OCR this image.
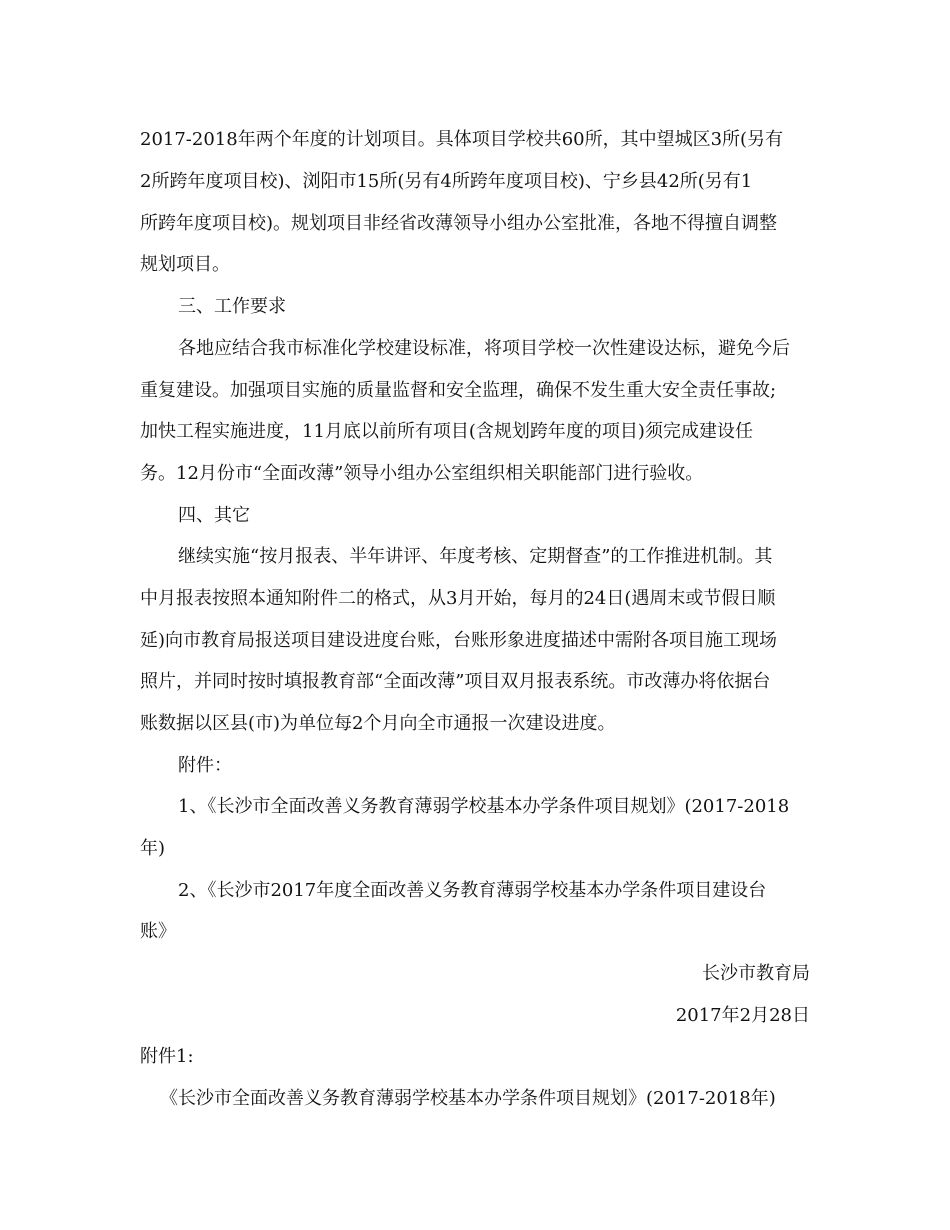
2017-2018年两个年度的计划项目。具体项目学校共60所，其中望城区3所(另有
2所跨年度项目校)、浏阳市15所(另有4所跨年度项目校)、宁乡县42所(另有1
所跨年度项目校)。规划项目非经省改薄领导小组办公室批准，各地不得擅自调整
规划项目。
三、工作要求
各地应结合我市标准化学校建设标准，将项目学校一次性建设达标，避免今后
重复建设。加强项目实施的质量监督和安全监理，确保不发生重大安全责任事故;
加快工程实施进度，11月底以前所有项目(含规划跨年度的项目)须完成建设任
务。12月份市“全面改薄”领导小组办公室组织相关职能部门进行验收。
四、其它
继续实施“按月报表、半年讲评、年度考核、定期督查”的工作推进机制。其
中月报表按照本通知附件二的格式，从3月开始，每月的24日(遇周末或节假日顺
延)向市教育局报送项目建设进度台账，台账形象进度描述中需附各项目施工现场
照片，并同时按时填报教育部“全面改薄”项目双月报表系统。市改薄办将依据台
账数据以区县(市)为单位每2个月向全市通报一次建设进度。
附件：
1、《长沙市全面改善义务教育薄弱学校基本办学条件项目规划》(2017-2018
年)
2、《长沙市2017年度全面改善义务教育薄弱学校基本办学条件项目建设台
账》
长沙市教育局
2017年2月28日
附件1:
《长沙市全面改善义务教育薄弱学校基本办学条件项目规划》(2017-2018年)
